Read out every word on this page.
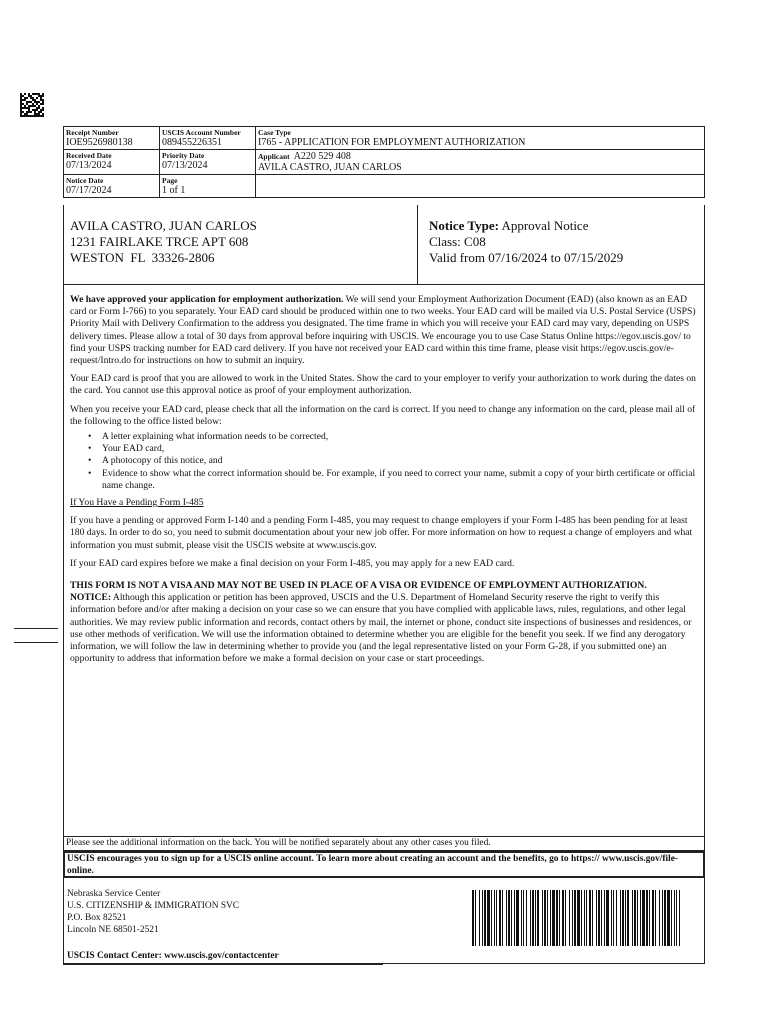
Receipt Number
IOE9526980138
USCIS Account Number
089455226351
Case Type
I765 - APPLICATION FOR EMPLOYMENT AUTHORIZATION
Received Date
07/13/2024
Priority Date
07/13/2024
Applicant A220 529 408
AVILA CASTRO, JUAN CARLOS
Notice Date
07/17/2024
Page
1 of 1
AVILA CASTRO, JUAN CARLOS
1231 FAIRLAKE TRCE APT 608
WESTON  FL  33326-2806
Notice Type: Approval Notice
Class: C08
Valid from 07/16/2024 to 07/15/2029

We have approved your application for employment authorization. We will send your Employment Authorization Document (EAD) (also known as an EAD card or Form I-766) to you separately. Your EAD card should be produced within one to two weeks. Your EAD card will be mailed via U.S. Postal Service (USPS) Priority Mail with Delivery Confirmation to the address you designated. The time frame in which you will receive your EAD card may vary, depending on USPS delivery times. Please allow a total of 30 days from approval before inquiring with USCIS. We encourage you to use Case Status Online https://egov.uscis.gov/ to find your USPS tracking number for EAD card delivery. If you have not received your EAD card within this time frame, please visit https://egov.uscis.gov/e-request/Intro.do for instructions on how to submit an inquiry.

Your EAD card is proof that you are allowed to work in the United States. Show the card to your employer to verify your authorization to work during the dates on the card. You cannot use this approval notice as proof of your employment authorization.

When you receive your EAD card, please check that all the information on the card is correct. If you need to change any information on the card, please mail all of the following to the office listed below:

• A letter explaining what information needs to be corrected,
• Your EAD card,
• A photocopy of this notice, and
• Evidence to show what the correct information should be. For example, if you need to correct your name, submit a copy of your birth certificate or official name change.

If You Have a Pending Form I-485

If you have a pending or approved Form I-140 and a pending Form I-485, you may request to change employers if your Form I-485 has been pending for at least 180 days. In order to do so, you need to submit documentation about your new job offer. For more information on how to request a change of employers and what information you must submit, please visit the USCIS website at www.uscis.gov.

If your EAD card expires before we make a final decision on your Form I-485, you may apply for a new EAD card.

THIS FORM IS NOT A VISA AND MAY NOT BE USED IN PLACE OF A VISA OR EVIDENCE OF EMPLOYMENT AUTHORIZATION.
NOTICE: Although this application or petition has been approved, USCIS and the U.S. Department of Homeland Security reserve the right to verify this information before and/or after making a decision on your case so we can ensure that you have complied with applicable laws, rules, regulations, and other legal authorities. We may review public information and records, contact others by mail, the internet or phone, conduct site inspections of businesses and residences, or use other methods of verification. We will use the information obtained to determine whether you are eligible for the benefit you seek. If we find any derogatory information, we will follow the law in determining whether to provide you (and the legal representative listed on your Form G-28, if you submitted one) an opportunity to address that information before we make a formal decision on your case or start proceedings.

Please see the additional information on the back. You will be notified separately about any other cases you filed.
USCIS encourages you to sign up for a USCIS online account. To learn more about creating an account and the benefits, go to https:// www.uscis.gov/file-online.
Nebraska Service Center
U.S. CITIZENSHIP & IMMIGRATION SVC
P.O. Box 82521
Lincoln NE 68501-2521
USCIS Contact Center: www.uscis.gov/contactcenter
